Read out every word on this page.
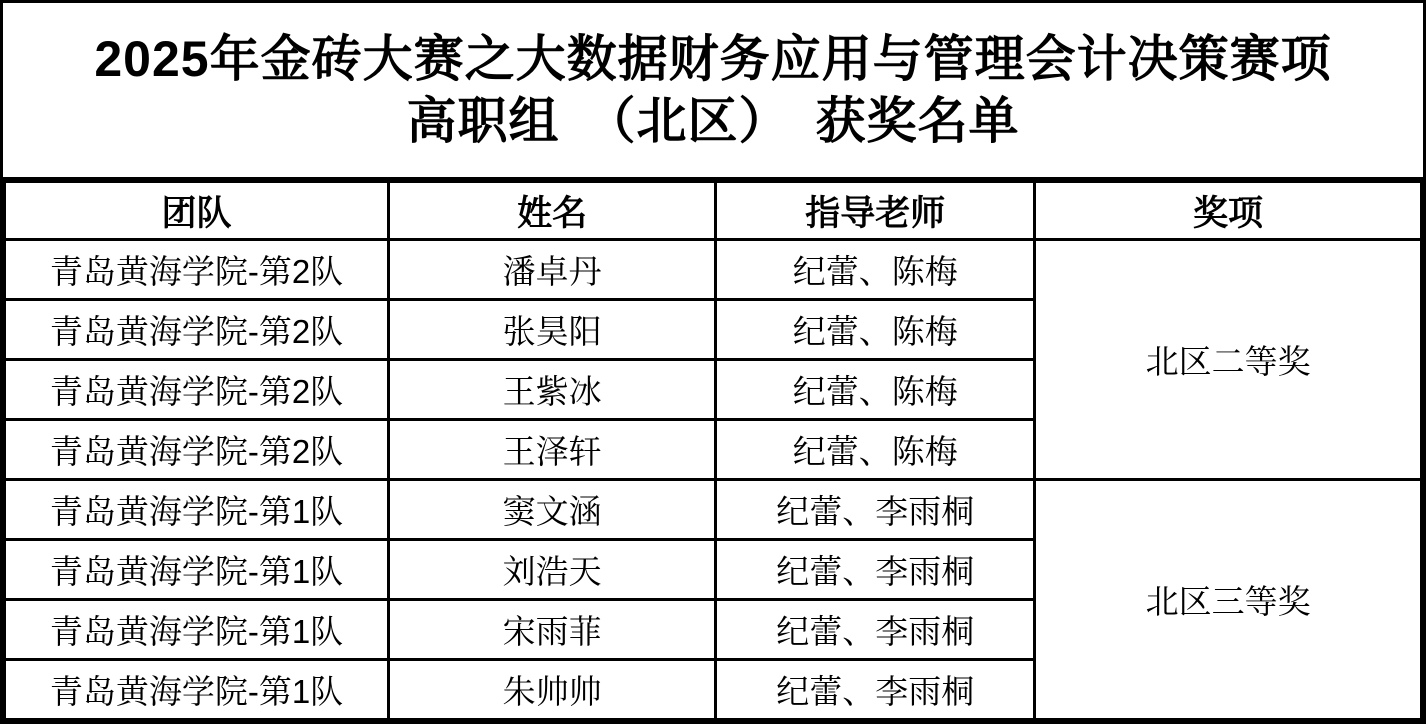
2025年金砖大赛之大数据财务应用与管理会计决策赛项
高职组　（北区）　获奖名单
团队	姓名	指导老师	奖项
青岛黄海学院-第2队	潘卓丹	纪蕾、陈梅	北区二等奖
青岛黄海学院-第2队	张昊阳	纪蕾、陈梅	
青岛黄海学院-第2队	王紫冰	纪蕾、陈梅	
青岛黄海学院-第2队	王泽轩	纪蕾、陈梅	
青岛黄海学院-第1队	窦文涵	纪蕾、李雨桐	北区三等奖
青岛黄海学院-第1队	刘浩天	纪蕾、李雨桐	
青岛黄海学院-第1队	宋雨菲	纪蕾、李雨桐	
青岛黄海学院-第1队	朱帅帅	纪蕾、李雨桐	
